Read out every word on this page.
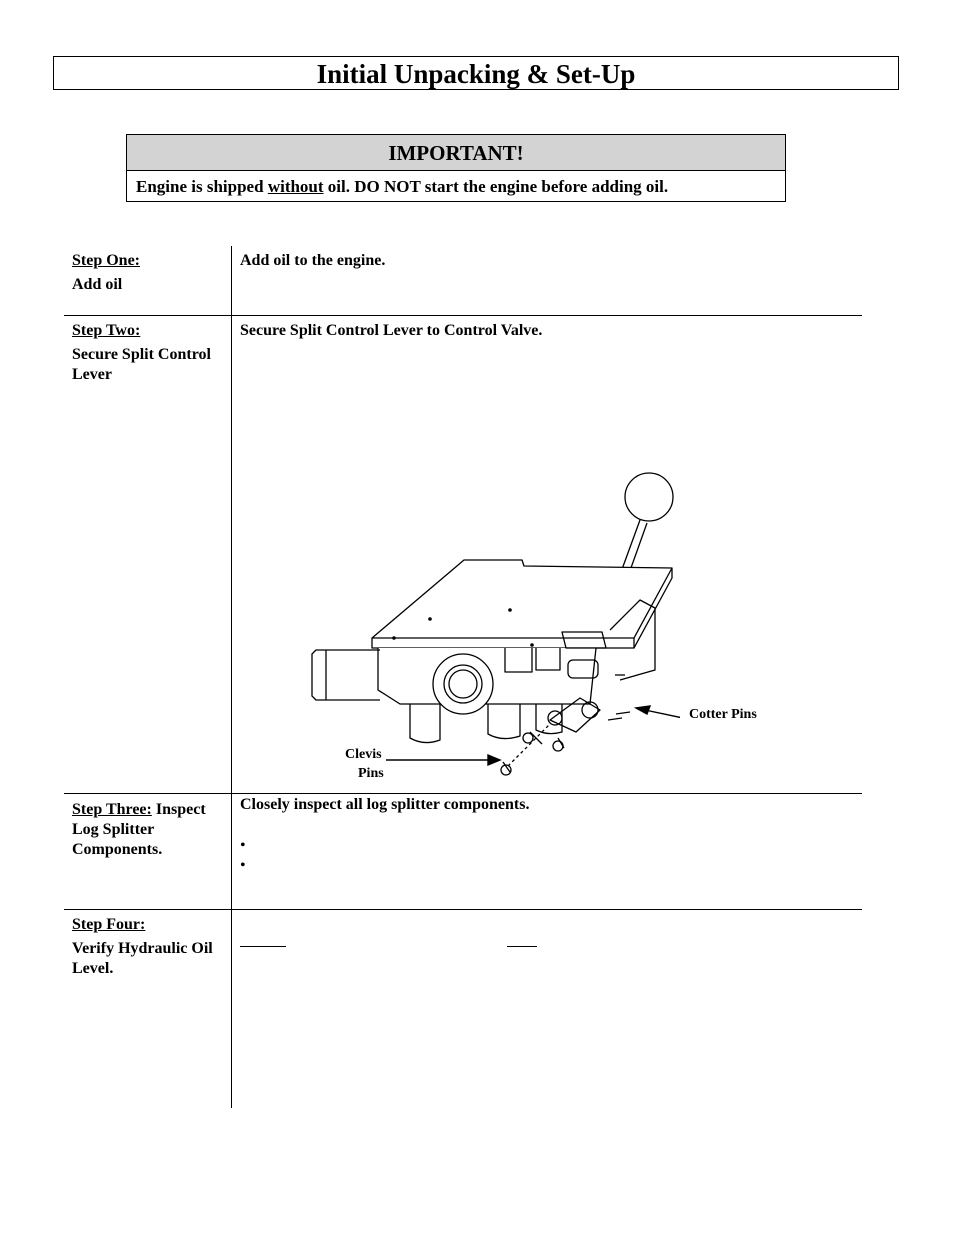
Initial Unpacking & Set-Up
IMPORTANT!
Engine is shipped without oil. DO NOT start the engine before adding oil.
Step One:
Add oil
Add oil to the engine.
Step Two:
Secure Split Control Lever
Secure Split Control Lever to Control Valve.
Cotter Pins
Clevis
Pins
Step Three: Inspect Log Splitter Components.
Closely inspect all log splitter components.
•
•
Step Four:
Verify Hydraulic Oil Level.
